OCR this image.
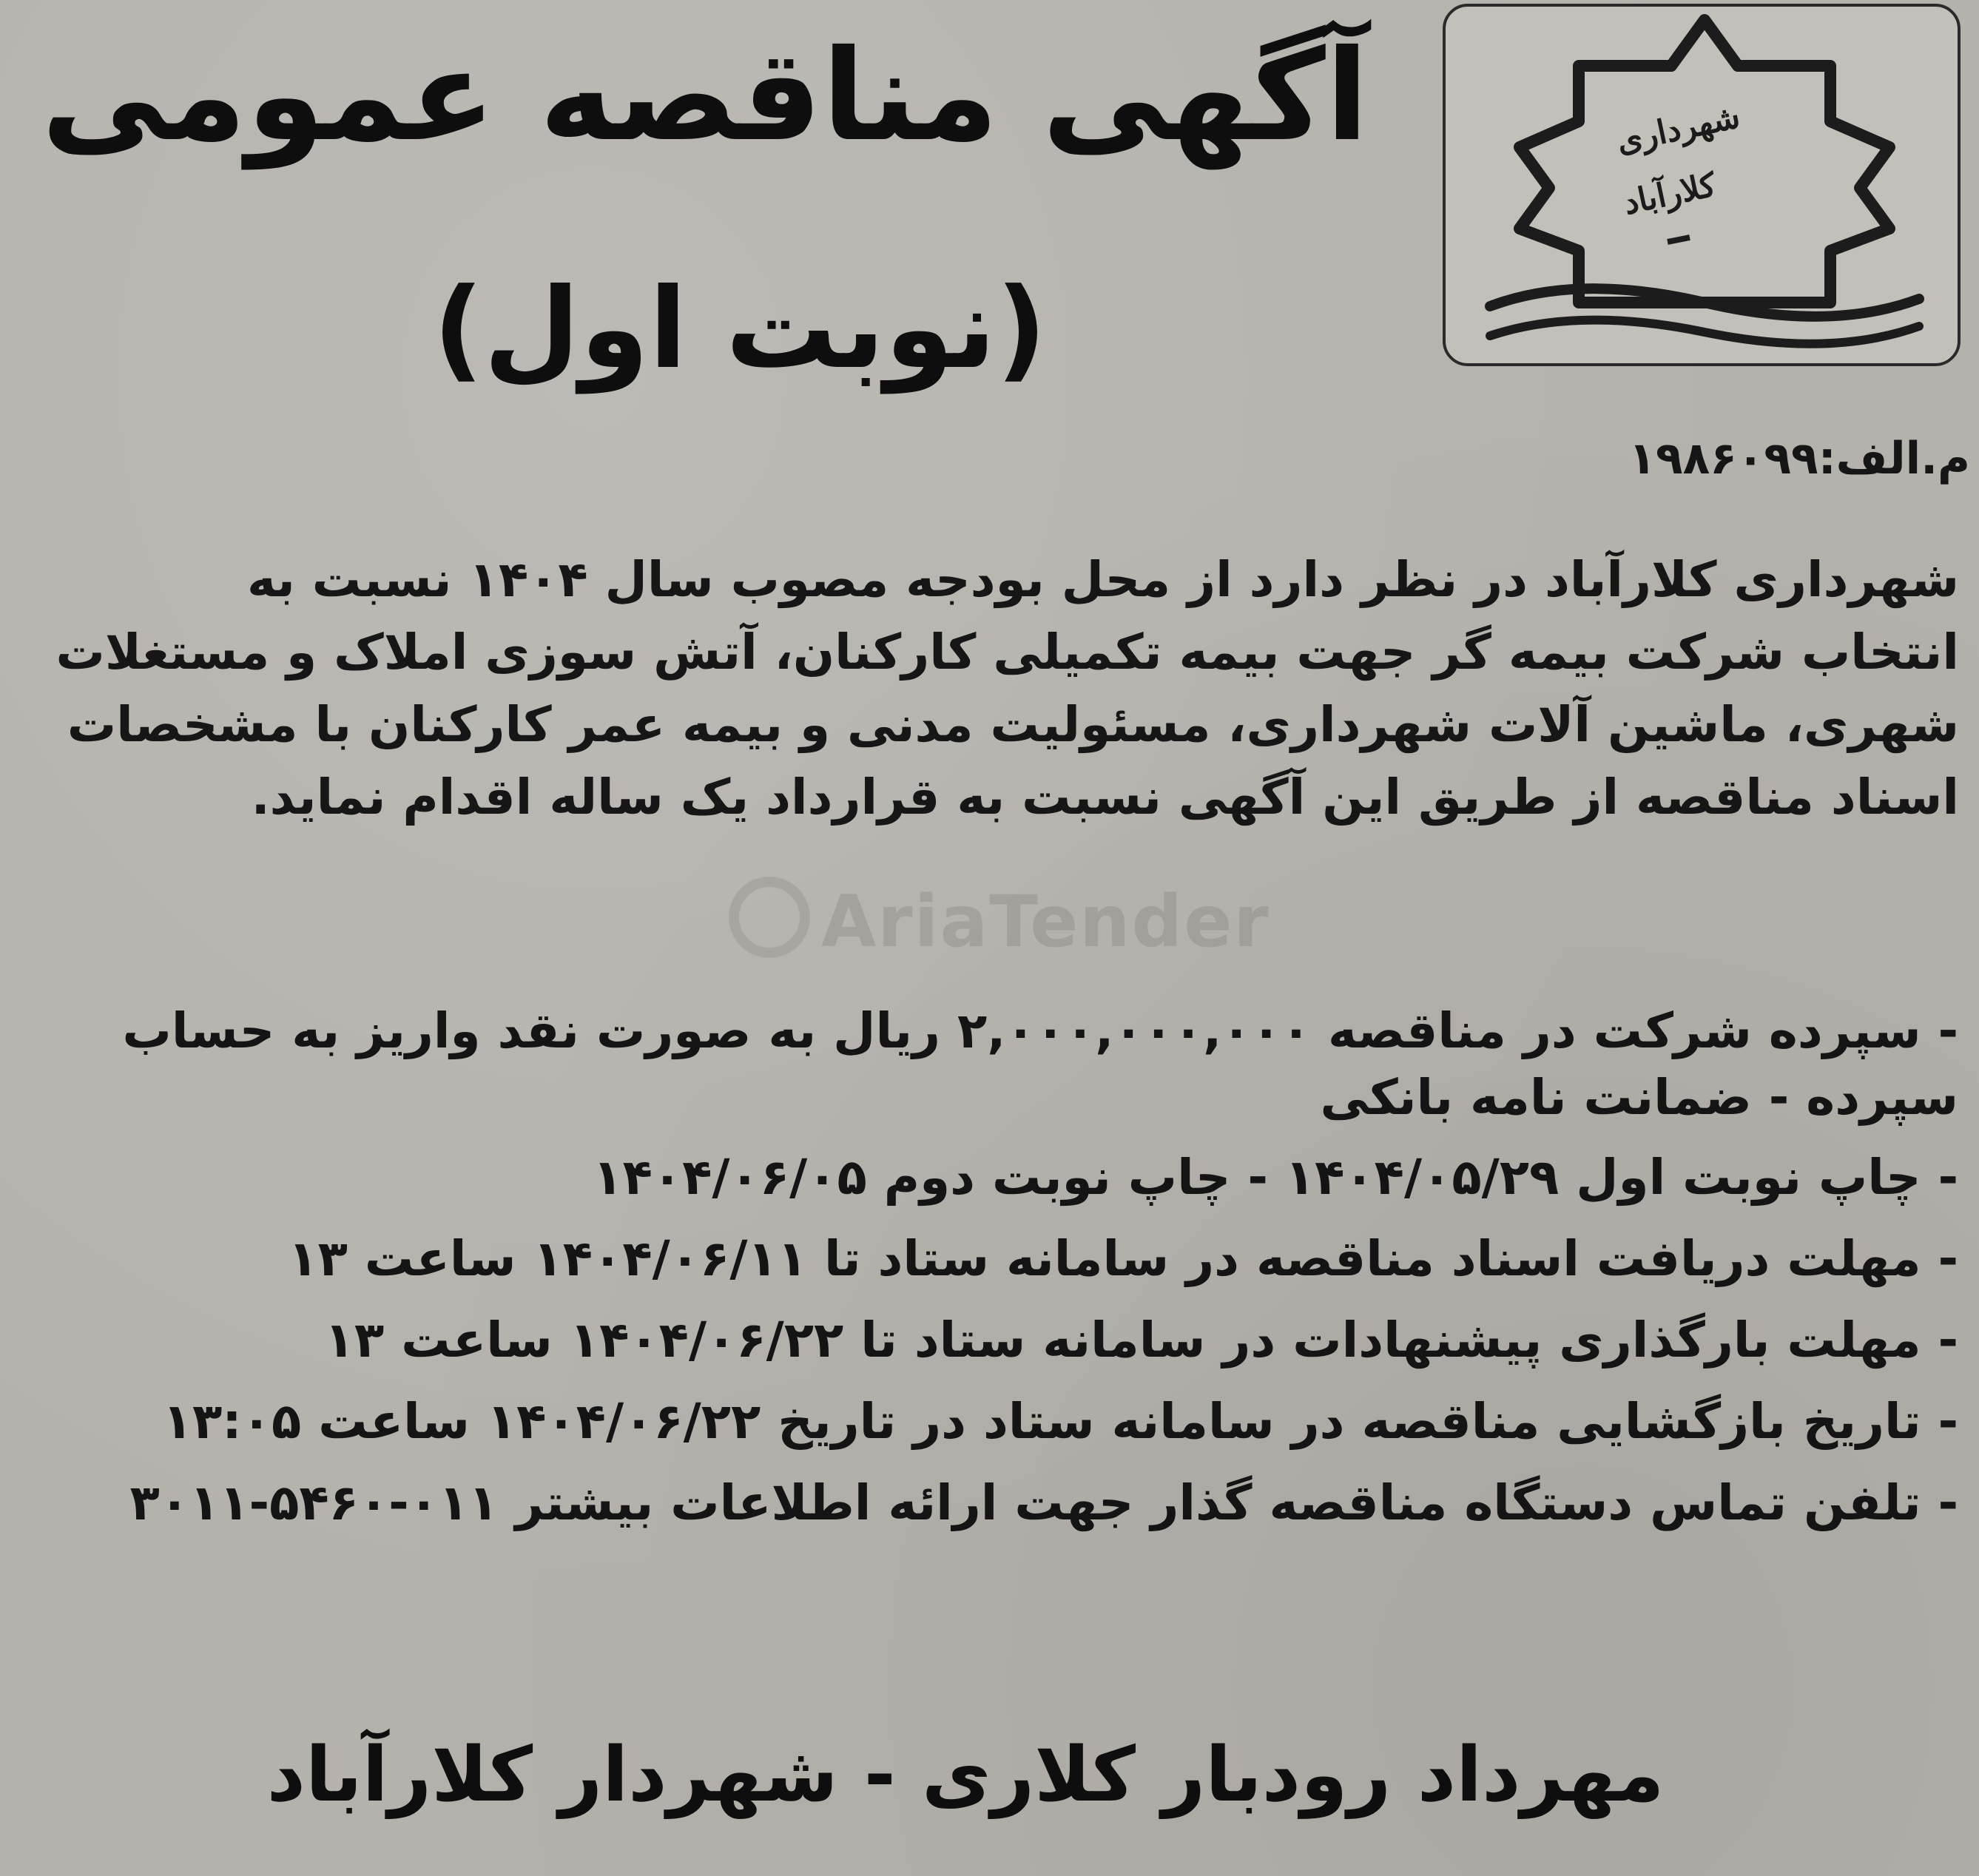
شهرداری
کلارآباد
آگهی مناقصه عمومی
(نوبت اول)
م.الف:۱۹۸۶۰۹۹
شهرداری کلارآباد در نظر دارد از محل بودجه مصوب سال ۱۴۰۴ نسبت به
انتخاب شرکت بیمه گر جهت بیمه تکمیلی کارکنان، آتش سوزی املاک و مستغلات
شهری، ماشین آلات شهرداری، مسئولیت مدنی و بیمه عمر کارکنان با مشخصات
اسناد مناقصه از طریق این آگهی نسبت به قرارداد یک ساله اقدام نماید.
AriaTender
- سپرده شرکت در مناقصه ۲,۰۰۰,۰۰۰,۰۰۰ ریال به صورت نقد واریز به حساب
سپرده - ضمانت نامه بانکی
- چاپ نوبت اول ۱۴۰۴/۰۵/۲۹ - چاپ نوبت دوم ۱۴۰۴/۰۶/۰۵
- مهلت دریافت اسناد مناقصه در سامانه ستاد تا ۱۴۰۴/۰۶/۱۱ ساعت ۱۳
- مهلت بارگذاری پیشنهادات در سامانه ستاد تا ۱۴۰۴/۰۶/۲۲ ساعت ۱۳
- تاریخ بازگشایی مناقصه در سامانه ستاد در تاریخ ۱۴۰۴/۰۶/۲۲ ساعت ۱۳:۰۵
- تلفن تماس دستگاه مناقصه گذار جهت ارائه اطلاعات بیشتر ۰۱۱-۵۴۶۰-۳۰۱۱
مهرداد رودبار کلاری - شهردار کلارآباد
